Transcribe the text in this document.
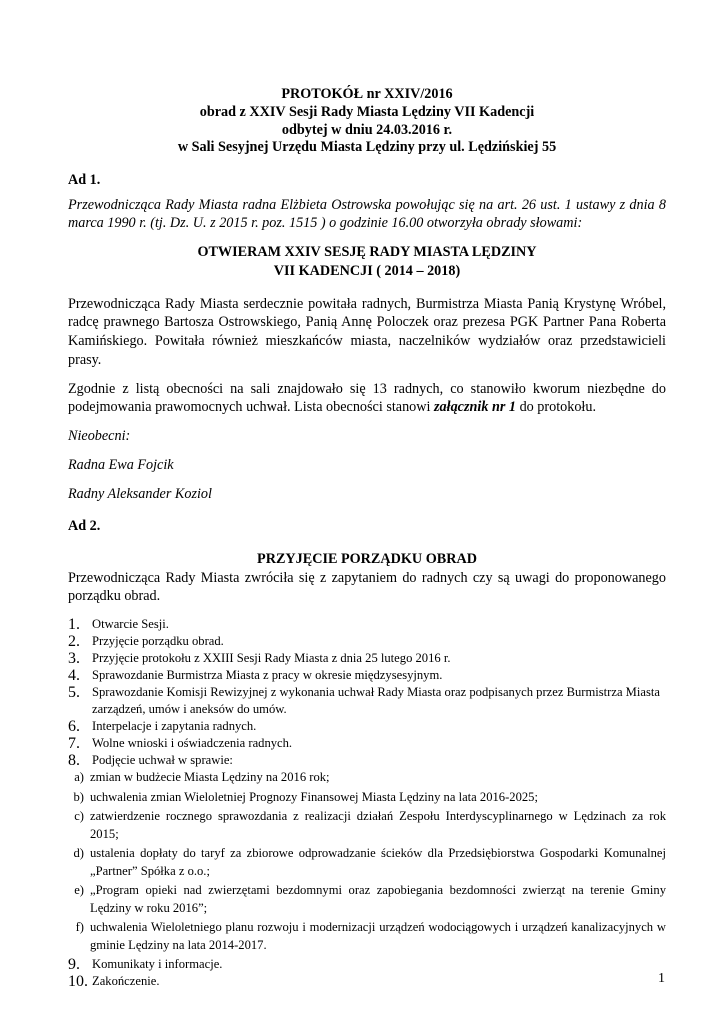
PROTOKÓŁ nr XXIV/2016

obrad z XXIV Sesji Rady Miasta Lędziny VII Kadencji

odbytej w dniu 24.03.2016 r.

w Sali Sesyjnej Urzędu Miasta Lędziny przy ul. Lędzińskiej 55

Ad 1.

Przewodnicząca Rady Miasta radna Elżbieta Ostrowska powołując się na art. 26 ust. 1 ustawy z dnia 8 marca 1990 r. (tj. Dz. U. z 2015 r. poz. 1515 ) o godzinie 16.00 otworzyła obrady słowami:

OTWIERAM XXIV SESJĘ RADY MIASTA LĘDZINY

VII KADENCJI ( 2014 – 2018)

Przewodnicząca Rady Miasta serdecznie powitała radnych, Burmistrza Miasta Panią Krystynę Wróbel, radcę prawnego Bartosza Ostrowskiego, Panią Annę Poloczek oraz prezesa PGK Partner Pana Roberta Kamińskiego. Powitała również mieszkańców miasta, naczelników wydziałów oraz przedstawicieli prasy.

Zgodnie z listą obecności na sali znajdowało się 13 radnych, co stanowiło kworum niezbędne do podejmowania prawomocnych uchwał. Lista obecności stanowi załącznik nr 1 do protokołu.

Nieobecni:

Radna Ewa Fojcik

Radny Aleksander Koziol

Ad 2.

PRZYJĘCIE PORZĄDKU OBRAD

Przewodnicząca Rady Miasta zwróciła się z zapytaniem do radnych czy są uwagi do proponowanego porządku obrad.

1. Otwarcie Sesji.
2. Przyjęcie porządku obrad.
3. Przyjęcie protokołu z XXIII Sesji Rady Miasta z dnia 25 lutego 2016 r.
4. Sprawozdanie Burmistrza Miasta z pracy w okresie międzysesyjnym.
5. Sprawozdanie Komisji Rewizyjnej z wykonania uchwał Rady Miasta oraz podpisanych przez Burmistrza Miasta zarządzeń, umów i aneksów do umów.
6. Interpelacje i zapytania radnych.
7. Wolne wnioski i oświadczenia radnych.
8. Podjęcie uchwał w sprawie:
a) zmian w budżecie Miasta Lędziny na 2016 rok;
b) uchwalenia zmian Wieloletniej Prognozy Finansowej Miasta Lędziny na lata 2016-2025;
c) zatwierdzenie rocznego sprawozdania z realizacji działań Zespołu Interdyscyplinarnego w Lędzinach za rok 2015;
d) ustalenia dopłaty do taryf za zbiorowe odprowadzanie ścieków dla Przedsiębiorstwa Gospodarki Komunalnej „Partner” Spółka z o.o.;
e) „Program opieki nad zwierzętami bezdomnymi oraz zapobiegania bezdomności zwierząt na terenie Gminy Lędziny w roku 2016”;
f) uchwalenia Wieloletniego planu rozwoju i modernizacji urządzeń wodociągowych i urządzeń kanalizacyjnych w gminie Lędziny na lata 2014-2017.
9. Komunikaty i informacje.
10. Zakończenie.	1
